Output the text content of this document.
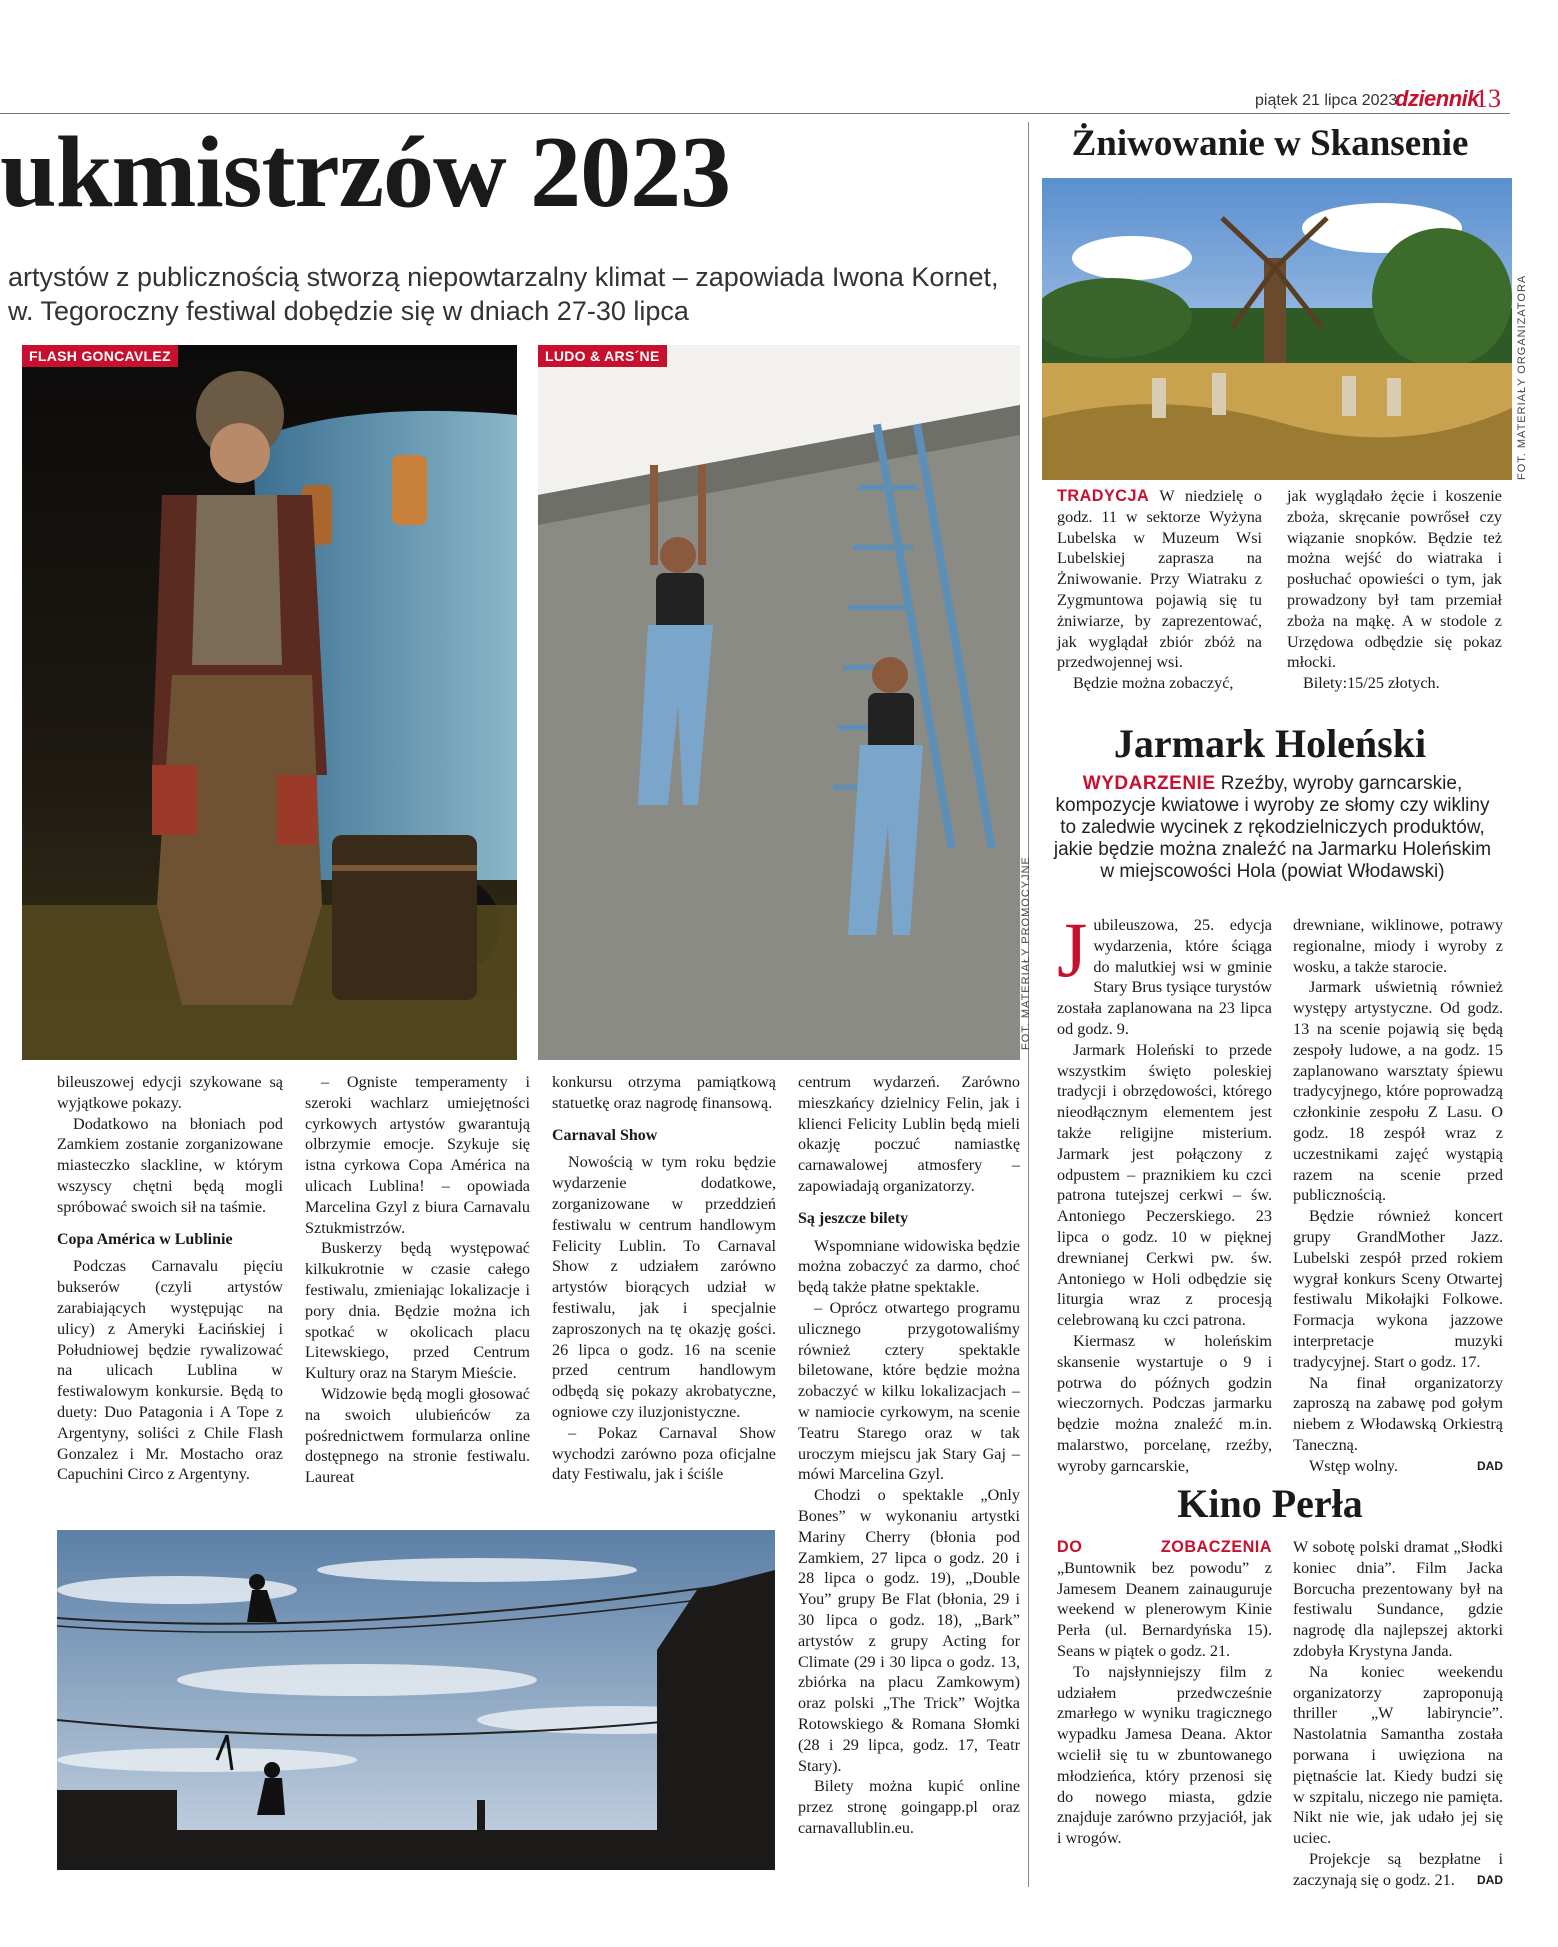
piątek 21 lipca 2023
dziennik
13
ukmistrzów 2023
artystów z publicznością stworzą niepowtarzalny klimat – zapowiada Iwona Kornet,
w. Tegoroczny festiwal dobędzie się w dniach 27-30 lipca
FLASH GONCAVLEZ	LUDO & ARS´NE
FOT. MATERIAŁY PROMOCYJNE

bileuszowej edycji szykowane są wyjątkowe pokazy.

Dodatkowo na błoniach pod Zamkiem zostanie zorganizowane miasteczko slacklinе, w którym wszyscy chętni będą mogli spróbować swoich sił na taśmie.

Copa América w Lublinie

Podczas Carnavalu pięciu bukserów (czyli artystów zarabiających występując na ulicy) z Ameryki Łacińskiej i Południowej będzie rywalizować na ulicach Lublina w festiwalowym konkursie. Będą to duety: Duo Patagonia i A Tope z Argentyny, soliści z Chile Flash Gonzalez i Mr. Mostacho oraz Capuchini Circo z Argentyny.

– Ogniste temperamenty i szeroki wachlarz umiejętności cyrkowych artystów gwarantują olbrzymie emocje. Szykuje się istna cyrkowa Copa América na ulicach Lublina! – opowiada Marcelina Gzyl z biura Carnavalu Sztukmistrzów.

Buskerzy będą występować kilkukrotnie w czasie całego festiwalu, zmieniając lokalizacje i pory dnia. Będzie można ich spotkać w okolicach placu Litewskiego, przed Centrum Kultury oraz na Starym Mieście.

Widzowie będą mogli głosować na swoich ulubieńców za pośrednictwem formularza online dostępnego na stronie festiwalu. Laureat

konkursu otrzyma pamiątkową statuetkę oraz nagrodę finansową.

Carnaval Show

Nowością w tym roku będzie wydarzenie dodatkowe, zorganizowane w przeddzień festiwalu w centrum handlowym Felicity Lublin. To Carnaval Show z udziałem zarówno artystów biorących udział w festiwalu, jak i specjalnie zaproszonych na tę okazję gości. 26 lipca o godz. 16 na scenie przed centrum handlowym odbędą się pokazy akrobatyczne, ogniowe czy iluzjonistyczne.

– Pokaz Carnaval Show wychodzi zarówno poza oficjalne daty Festiwalu, jak i ściśle

centrum wydarzeń. Zarówno mieszkańcy dzielnicy Felin, jak i klienci Felicity Lublin będą mieli okazję poczuć namiastkę carnawalowej atmosfery – zapowiadają organizatorzy.

Są jeszcze bilety

Wspomniane widowiska będzie można zobaczyć za darmo, choć będą także płatne spektakle.

– Oprócz otwartego programu ulicznego przygotowaliśmy również cztery spektakle biletowane, które będzie można zobaczyć w kilku lokalizacjach – w namiocie cyrkowym, na scenie Teatru Starego oraz w tak uroczym miejscu jak Stary Gaj – mówi Marcelina Gzyl.

Chodzi o spektakle „Only Bones” w wykonaniu artystki Mariny Cherry (błonia pod Zamkiem, 27 lipca o godz. 20 i 28 lipca o godz. 19), „Double You” grupy Be Flat (błonia, 29 i 30 lipca o godz. 18), „Bark” artystów z grupy Acting for Climate (29 i 30 lipca o godz. 13, zbiórka na placu Zamkowym) oraz polski „The Trick” Wojtka Rotowskiego & Romana Słomki (28 i 29 lipca, godz. 17, Teatr Stary).

Bilety można kupić online przez stronę goingapp.pl oraz carnavallublin.eu.

Żniwowanie w Skansenie
FOT. MATERIAŁY ORGANIZATORA

TRADYCJA W niedzielę o godz. 11 w sektorze Wyżyna Lubelska w Muzeum Wsi Lubelskiej zaprasza na Żniwowanie. Przy Wiatraku z Zygmuntowa pojawią się tu żniwiarze, by zaprezentować, jak wyglądał zbiór zbóż na przedwojennej wsi.

Będzie można zobaczyć,

jak wyglądało żęcie i koszenie zboża, skręcanie powrőseł czy wiązanie snopków. Będzie też można wejść do wiatraka i posłuchać opowieści o tym, jak prowadzony był tam przemiał zboża na mąkę. A w stodole z Urzędowa odbędzie się pokaz młocki.

Bilety:15/25 złotych.

Jarmark Holeński
WYDARZENIE Rzeźby, wyroby garncarskie, kompozycje kwiatowe i wyroby ze słomy czy wikliny to zaledwie wycinek z rękodzielniczych produktów, jakie będzie można znaleźć na Jarmarku Holeńskim w miejscowości Hola (powiat Włodawski)

Jubileuszowa, 25. edycja wydarzenia, które ściąga do malutkiej wsi w gminie Stary Brus tysiące turystów została zaplanowana na 23 lipca od godz. 9.

Jarmark Holeński to przede wszystkim święto poleskiej tradycji i obrzędowości, którego nieodłącznym elementem jest także religijne misterium. Jarmark jest połączony z odpustem – praznikiem ku czci patrona tutejszej cerkwi – św. Antoniego Peczerskiego. 23 lipca o godz. 10 w pięknej drewnianej Cerkwi pw. św. Antoniego w Holi odbędzie się liturgia wraz z procesją celebrowaną ku czci patrona.

Kiermasz w holeńskim skansenie wystartuje o 9 i potrwa do późnych godzin wieczornych. Podczas jarmarku będzie można znaleźć m.in. malarstwo, porcelanę, rzeźby, wyroby garncarskie,

drewniane, wiklinowe, potrawy regionalne, miody i wyroby z wosku, a także starocie.

Jarmark uświetnią również występy artystyczne. Od godz. 13 na scenie pojawią się będą zespoły ludowe, a na godz. 15 zaplanowano warsztaty śpiewu tradycyjnego, które poprowadzą członkinie zespołu Z Lasu. O godz. 18 zespół wraz z uczestnikami zajęć wystąpią razem na scenie przed publicznością.

Będzie również koncert grupy GrandMother Jazz. Lubelski zespół przed rokiem wygrał konkurs Sceny Otwartej festiwalu Mikołajki Folkowe. Formacja wykona jazzowe interpretacje muzyki tradycyjnej. Start o godz. 17.

Na finał organizatorzy zaproszą na zabawę pod gołym niebem z Włodawską Orkiestrą Taneczną.

Wstęp wolny.	DAD

Kino Perła

DO ZOBACZENIA „Buntownik bez powodu” z Jamesem Deanem zainauguruje weekend w plenerowym Kinie Perła (ul. Bernardyńska 15). Seans w piątek o godz. 21.

To najsłynniejszy film z udziałem przedwcześnie zmarłego w wyniku tragicznego wypadku Jamesa Deana. Aktor wcielił się tu w zbuntowanego młodzieńca, który przenosi się do nowego miasta, gdzie znajduje zarówno przyjaciół, jak i wrogów.

W sobotę polski dramat „Słodki koniec dnia”. Film Jacka Borcucha prezentowany był na festiwalu Sundance, gdzie nagrodę dla najlepszej aktorki zdobyła Krystyna Janda.

Na koniec weekendu organizatorzy zaproponują thriller „W labiryncie”. Nastolatnia Samantha została porwana i uwięziona na piętnaście lat. Kiedy budzi się w szpitalu, niczego nie pamięta. Nikt nie wie, jak udało jej się uciec.

Projekcje są bezpłatne i zaczynają się o godz. 21.	DAD
